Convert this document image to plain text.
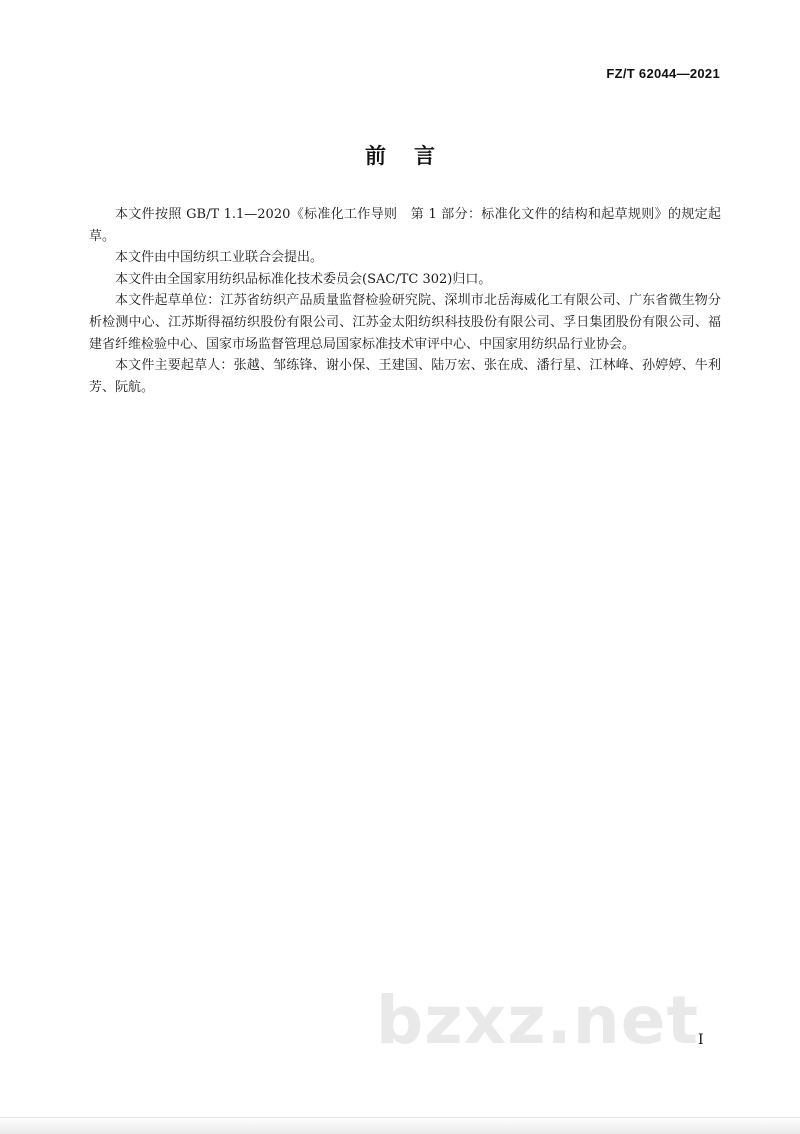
FZ/T 62044—2021
前言

本文件按照 GB/T 1.1—2020《标准化工作导则　第 1 部分：标准化文件的结构和起草规则》的规定起草。

本文件由中国纺织工业联合会提出。

本文件由全国家用纺织品标准化技术委员会(SAC/TC 302)归口。

本文件起草单位：江苏省纺织产品质量监督检验研究院、深圳市北岳海威化工有限公司、广东省微生物分析检测中心、江苏斯得福纺织股份有限公司、江苏金太阳纺织科技股份有限公司、孚日集团股份有限公司、福建省纤维检验中心、国家市场监督管理总局国家标准技术审评中心、中国家用纺织品行业协会。

本文件主要起草人：张越、邹练锋、谢小保、王建国、陆万宏、张在成、潘行星、江林峰、孙婷婷、牛利芳、阮航。

bzxz.net
I
